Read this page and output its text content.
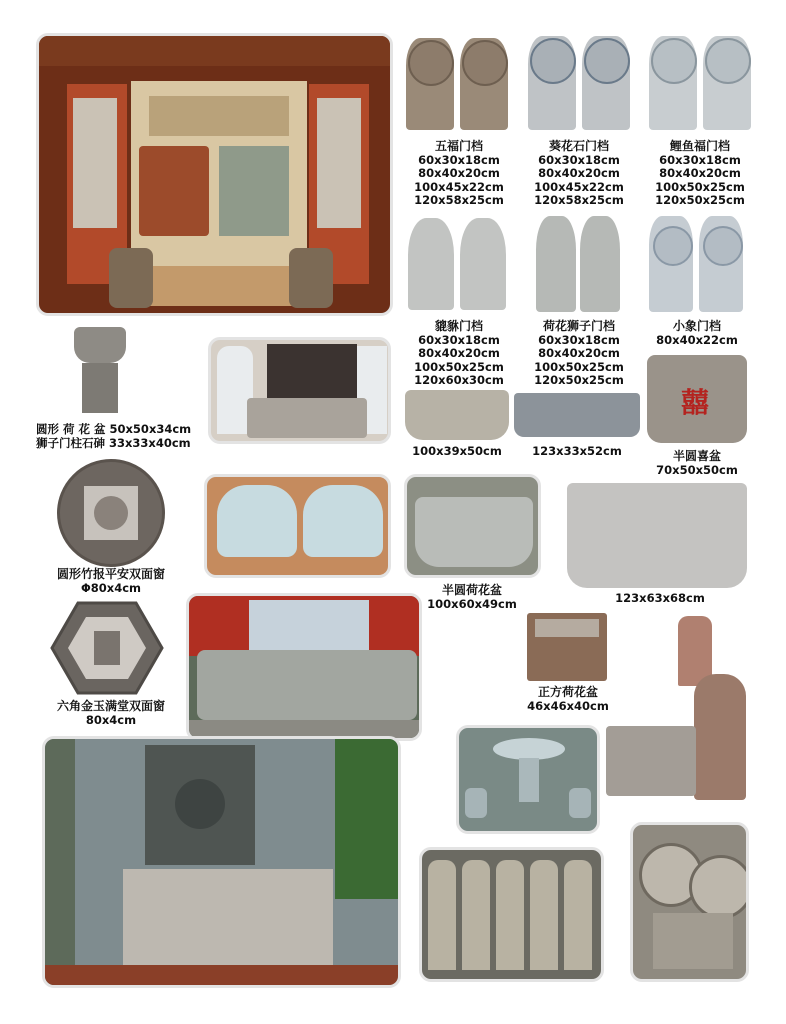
五福门档
60x30x18cm
80x40x20cm
100x45x22cm
120x58x25cm
葵花石门档
60x30x18cm
80x40x20cm
100x45x22cm
120x58x25cm
鲤鱼福门档
60x30x18cm
80x40x20cm
100x50x25cm
120x50x25cm
貔貅门档
60x30x18cm
80x40x20cm
100x50x25cm
120x60x30cm
荷花狮子门档
60x30x18cm
80x40x20cm
100x50x25cm
120x50x25cm
小象门档
80x40x22cm
圆形 荷 花 盆 50x50x34cm
狮子门柱石砷 33x33x40cm
100x39x50cm	123x33x52cm
囍
半圆喜盆
70x50x50cm
圆形竹报平安双面窗
Φ80x4cm	半圆荷花盆
100x60x49cm	123x63x68cm
六角金玉满堂双面窗
80x4cm
正方荷花盆
46x46x40cm
